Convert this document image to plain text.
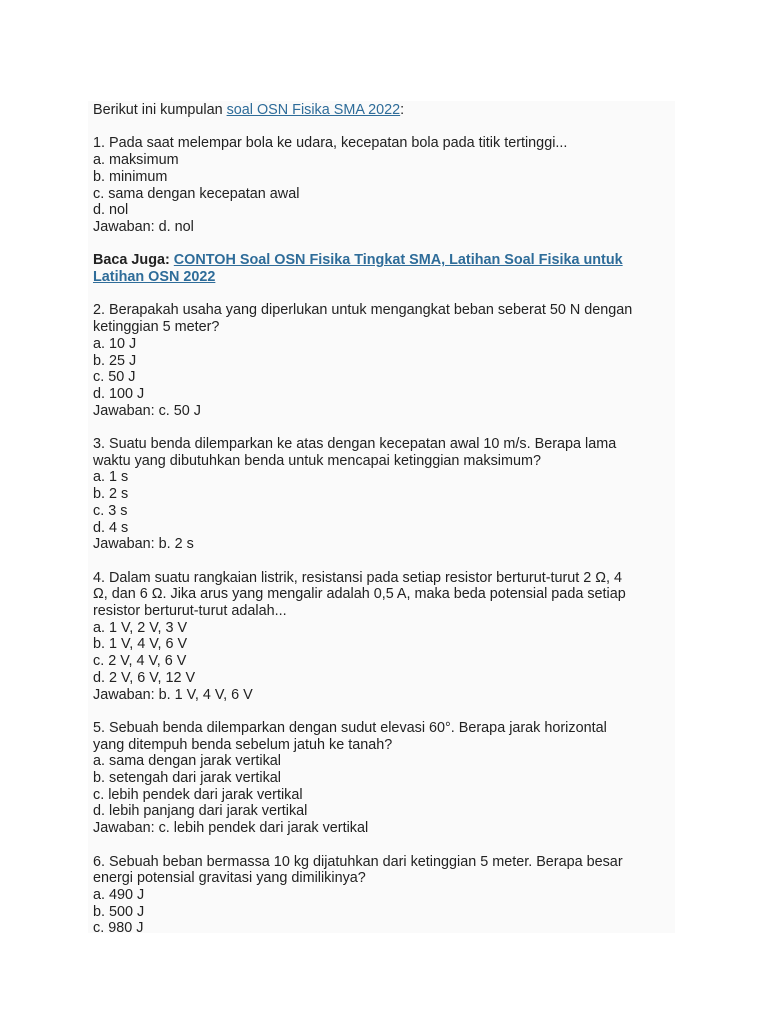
Berikut ini kumpulan soal OSN Fisika SMA 2022:

1. Pada saat melempar bola ke udara, kecepatan bola pada titik tertinggi...
a. maksimum
b. minimum
c. sama dengan kecepatan awal
d. nol
Jawaban: d. nol
Baca Juga: CONTOH Soal OSN Fisika Tingkat SMA, Latihan Soal Fisika untuk
Latihan OSN 2022
2. Berapakah usaha yang diperlukan untuk mengangkat beban seberat 50 N dengan
ketinggian 5 meter?
a. 10 J
b. 25 J
c. 50 J
d. 100 J
Jawaban: c. 50 J
3. Suatu benda dilemparkan ke atas dengan kecepatan awal 10 m/s. Berapa lama
waktu yang dibutuhkan benda untuk mencapai ketinggian maksimum?
a. 1 s
b. 2 s
c. 3 s
d. 4 s
Jawaban: b. 2 s
4. Dalam suatu rangkaian listrik, resistansi pada setiap resistor berturut-turut 2 Ω, 4
Ω, dan 6 Ω. Jika arus yang mengalir adalah 0,5 A, maka beda potensial pada setiap
resistor berturut-turut adalah...
a. 1 V, 2 V, 3 V
b. 1 V, 4 V, 6 V
c. 2 V, 4 V, 6 V
d. 2 V, 6 V, 12 V
Jawaban: b. 1 V, 4 V, 6 V
5. Sebuah benda dilemparkan dengan sudut elevasi 60°. Berapa jarak horizontal
yang ditempuh benda sebelum jatuh ke tanah?
a. sama dengan jarak vertikal
b. setengah dari jarak vertikal
c. lebih pendek dari jarak vertikal
d. lebih panjang dari jarak vertikal
Jawaban: c. lebih pendek dari jarak vertikal
6. Sebuah beban bermassa 10 kg dijatuhkan dari ketinggian 5 meter. Berapa besar
energi potensial gravitasi yang dimilikinya?
a. 490 J
b. 500 J
c. 980 J
